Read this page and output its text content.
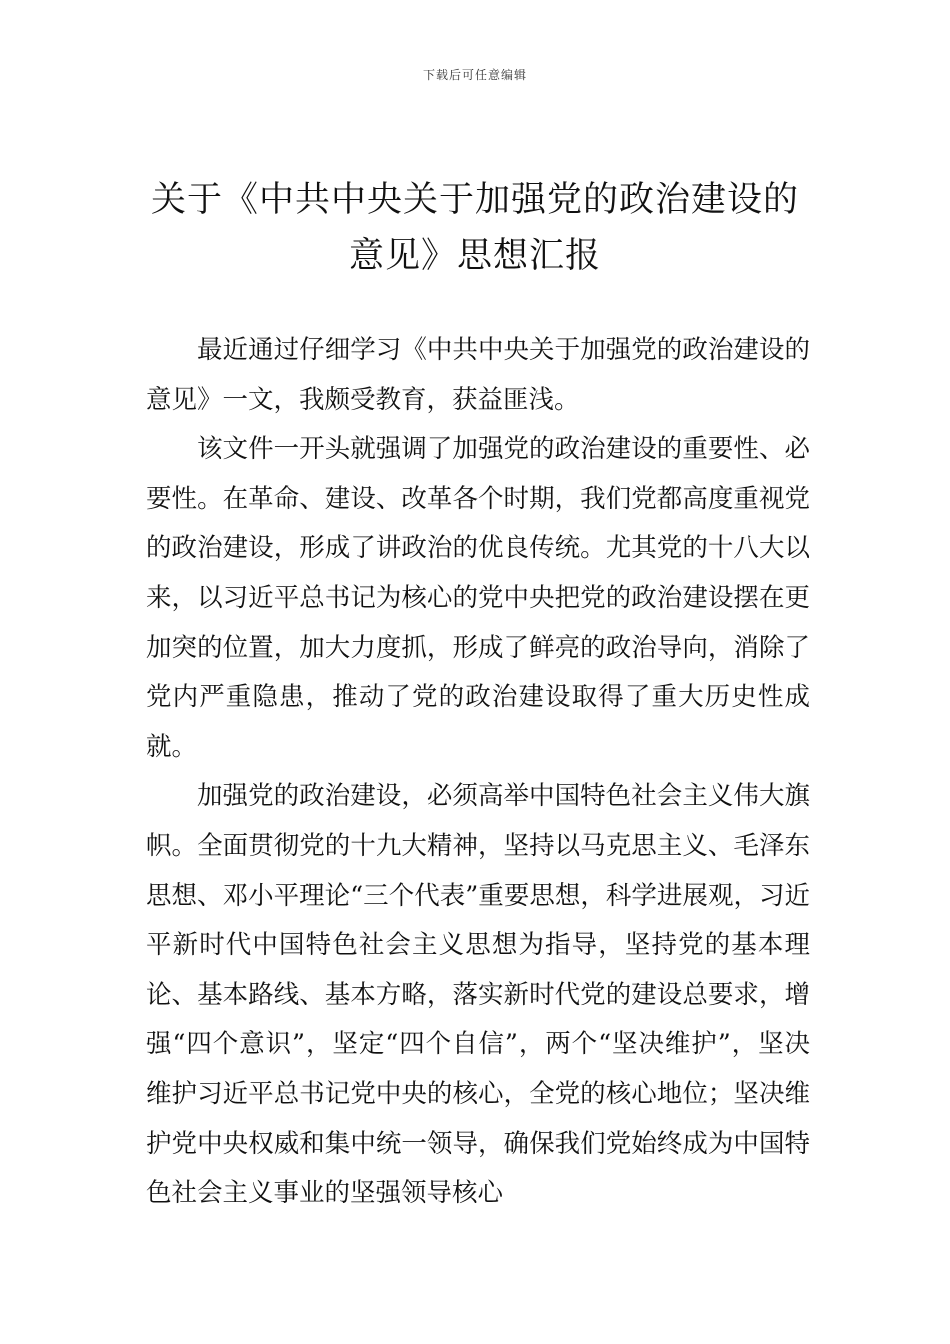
下载后可任意编辑
关于《中共中央关于加强党的政治建设的
意见》思想汇报

最近通过仔细学习《中共中央关于加强党的政治建设的意见》一文，我颇受教育，获益匪浅。

该文件一开头就强调了加强党的政治建设的重要性、必要性。在革命、建设、改革各个时期，我们党都高度重视党的政治建设，形成了讲政治的优良传统。尤其党的十八大以来，以习近平总书记为核心的党中央把党的政治建设摆在更加突的位置，加大力度抓，形成了鲜亮的政治导向，消除了党内严重隐患，推动了党的政治建设取得了重大历史性成就。

加强党的政治建设，必须高举中国特色社会主义伟大旗帜。全面贯彻党的十九大精神，坚持以马克思主义、毛泽东思想、邓小平理论“三个代表”重要思想，科学进展观，习近平新时代中国特色社会主义思想为指导，坚持党的基本理论、基本路线、基本方略，落实新时代党的建设总要求，增强“四个意识”，坚定“四个自信”，两个“坚决维护”，坚决维护习近平总书记党中央的核心，全党的核心地位；坚决维护党中央权威和集中统一领导，确保我们党始终成为中国特色社会主义事业的坚强领导核心
